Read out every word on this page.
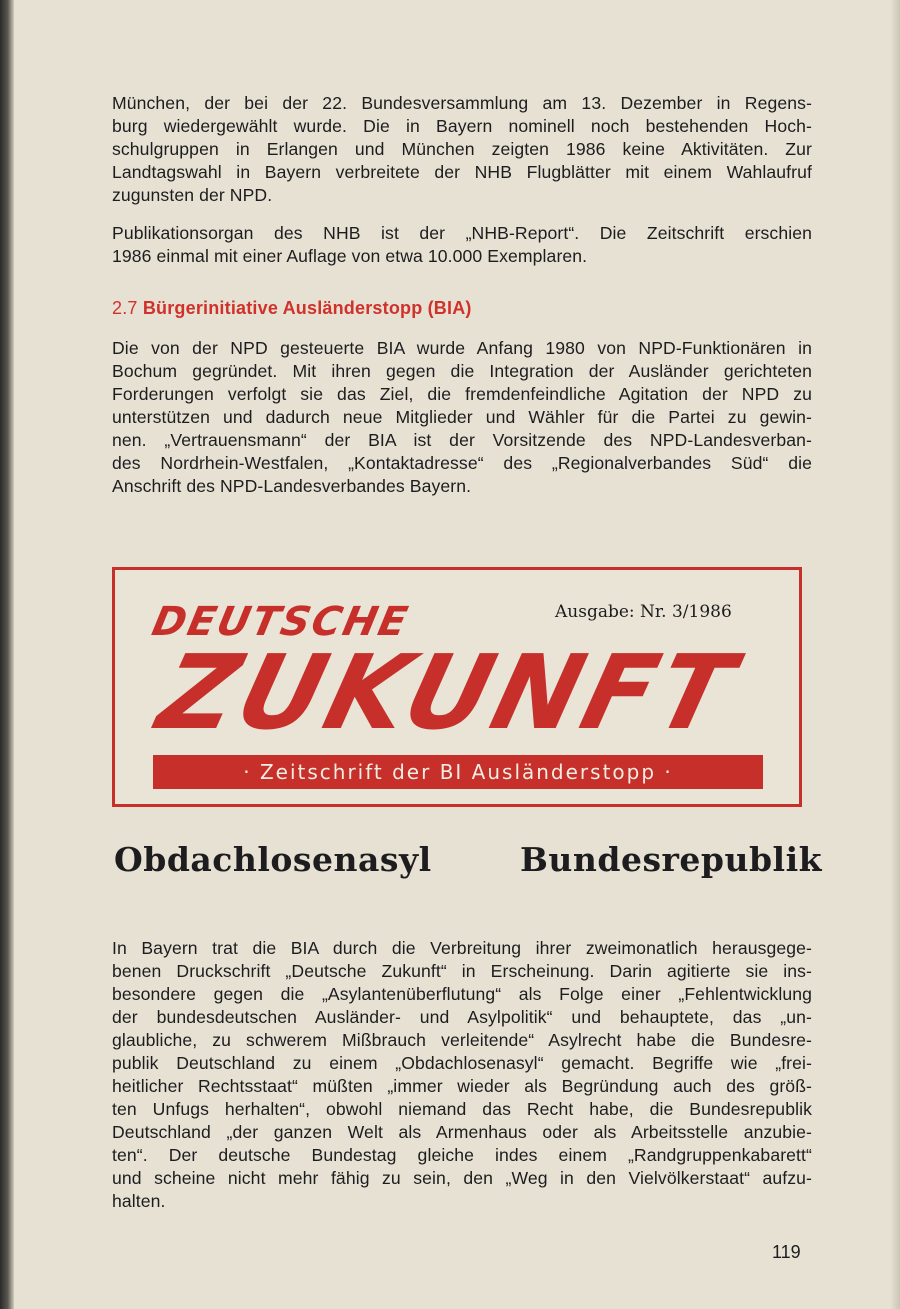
München, der bei der 22. Bundesversammlung am 13. Dezember in Regens-
burg wiedergewählt wurde. Die in Bayern nominell noch bestehenden Hoch-
schulgruppen in Erlangen und München zeigten 1986 keine Aktivitäten. Zur
Landtagswahl in Bayern verbreitete der NHB Flugblätter mit einem Wahlaufruf
zugunsten der NPD.

Publikationsorgan des NHB ist der „NHB-Report“. Die Zeitschrift erschien
1986 einmal mit einer Auflage von etwa 10.000 Exemplaren.

2.7 Bürgerinitiative Ausländerstopp (BIA)

Die von der NPD gesteuerte BIA wurde Anfang 1980 von NPD-Funktionären in
Bochum gegründet. Mit ihren gegen die Integration der Ausländer gerichteten
Forderungen verfolgt sie das Ziel, die fremdenfeindliche Agitation der NPD zu
unterstützen und dadurch neue Mitglieder und Wähler für die Partei zu gewin-
nen. „Vertrauensmann“ der BIA ist der Vorsitzende des NPD-Landesverban-
des Nordrhein-Westfalen, „Kontaktadresse“ des „Regionalverbandes Süd“ die
Anschrift des NPD-Landesverbandes Bayern.

DEUTSCHE	Ausgabe: Nr. 3/1986
ZUKUNFT
· Zeitschrift der BI Ausländerstopp ·
Obdachlosenasyl	Bundesrepublik

In Bayern trat die BIA durch die Verbreitung ihrer zweimonatlich herausgege-
benen Druckschrift „Deutsche Zukunft“ in Erscheinung. Darin agitierte sie ins-
besondere gegen die „Asylantenüberflutung“ als Folge einer „Fehlentwicklung
der bundesdeutschen Ausländer- und Asylpolitik“ und behauptete, das „un-
glaubliche, zu schwerem Mißbrauch verleitende“ Asylrecht habe die Bundesre-
publik Deutschland zu einem „Obdachlosenasyl“ gemacht. Begriffe wie „frei-
heitlicher Rechtsstaat“ müßten „immer wieder als Begründung auch des größ-
ten Unfugs herhalten“, obwohl niemand das Recht habe, die Bundesrepublik
Deutschland „der ganzen Welt als Armenhaus oder als Arbeitsstelle anzubie-
ten“. Der deutsche Bundestag gleiche indes einem „Randgruppenkabarett“
und scheine nicht mehr fähig zu sein, den „Weg in den Vielvölkerstaat“ aufzu-
halten.

119
